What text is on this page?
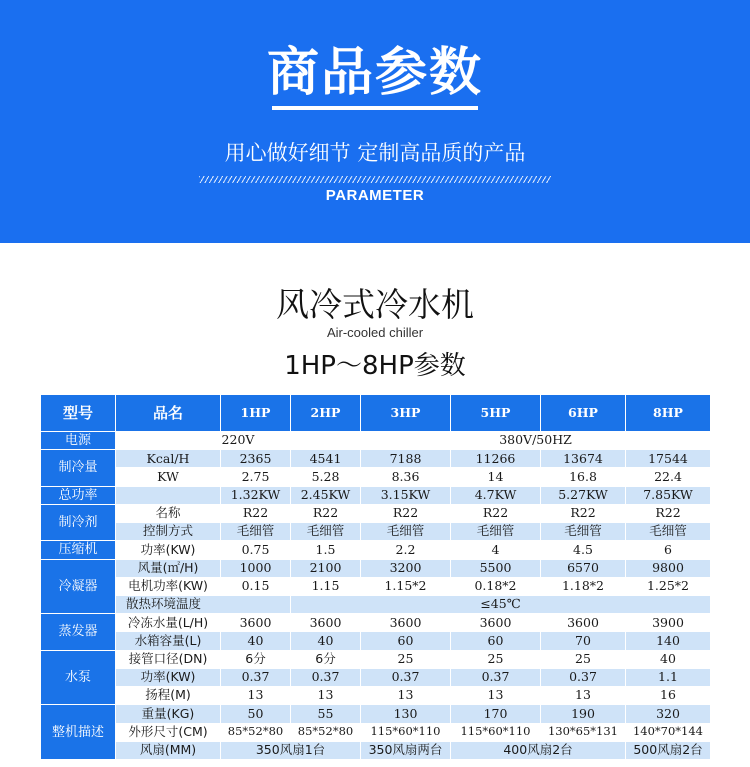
商品参数
用心做好细节 定制高品质的产品
PARAMETER
风冷式冷水机
Air-cooled chiller
1HP～8HP参数
型号	品名	1HP	2HP	3HP	5HP	6HP	8HP
电源	220V			380V/50HZ			
制冷量	Kcal/H	2365	4541	7188	11266	13674	17544
	KW	2.75	5.28	8.36	14	16.8	22.4
总功率		1.32KW	2.45KW	3.15KW	4.7KW	5.27KW	7.85KW
制冷剂	名称	R22	R22	R22	R22	R22	R22
	控制方式	毛细管	毛细管	毛细管	毛细管	毛细管	毛细管
压缩机	功率(KW)	0.75	1.5	2.2	4	4.5	6
冷凝器	风量(㎡/H)	1000	2100	3200	5500	6570	9800
	电机功率(KW)	0.15	1.15	1.15*2	0.18*2	1.18*2	1.25*2
	散热环境温度		≤45℃				
蒸发器	冷冻水量(L/H)	3600	3600	3600	3600	3600	3900
	水箱容量(L)	40	40	60	60	70	140
水泵	接管口径(DN)	6分	6分	25	25	25	40
	功率(KW)	0.37	0.37	0.37	0.37	0.37	1.1
	扬程(M)	13	13	13	13	13	16
整机描述	重量(KG)	50	55	130	170	190	320
	外形尺寸(CM)	85*52*80	85*52*80	115*60*110	115*60*110	130*65*131	140*70*144
	风扇(MM)	350风扇1台		350风扇两台	400风扇2台		500风扇2台
